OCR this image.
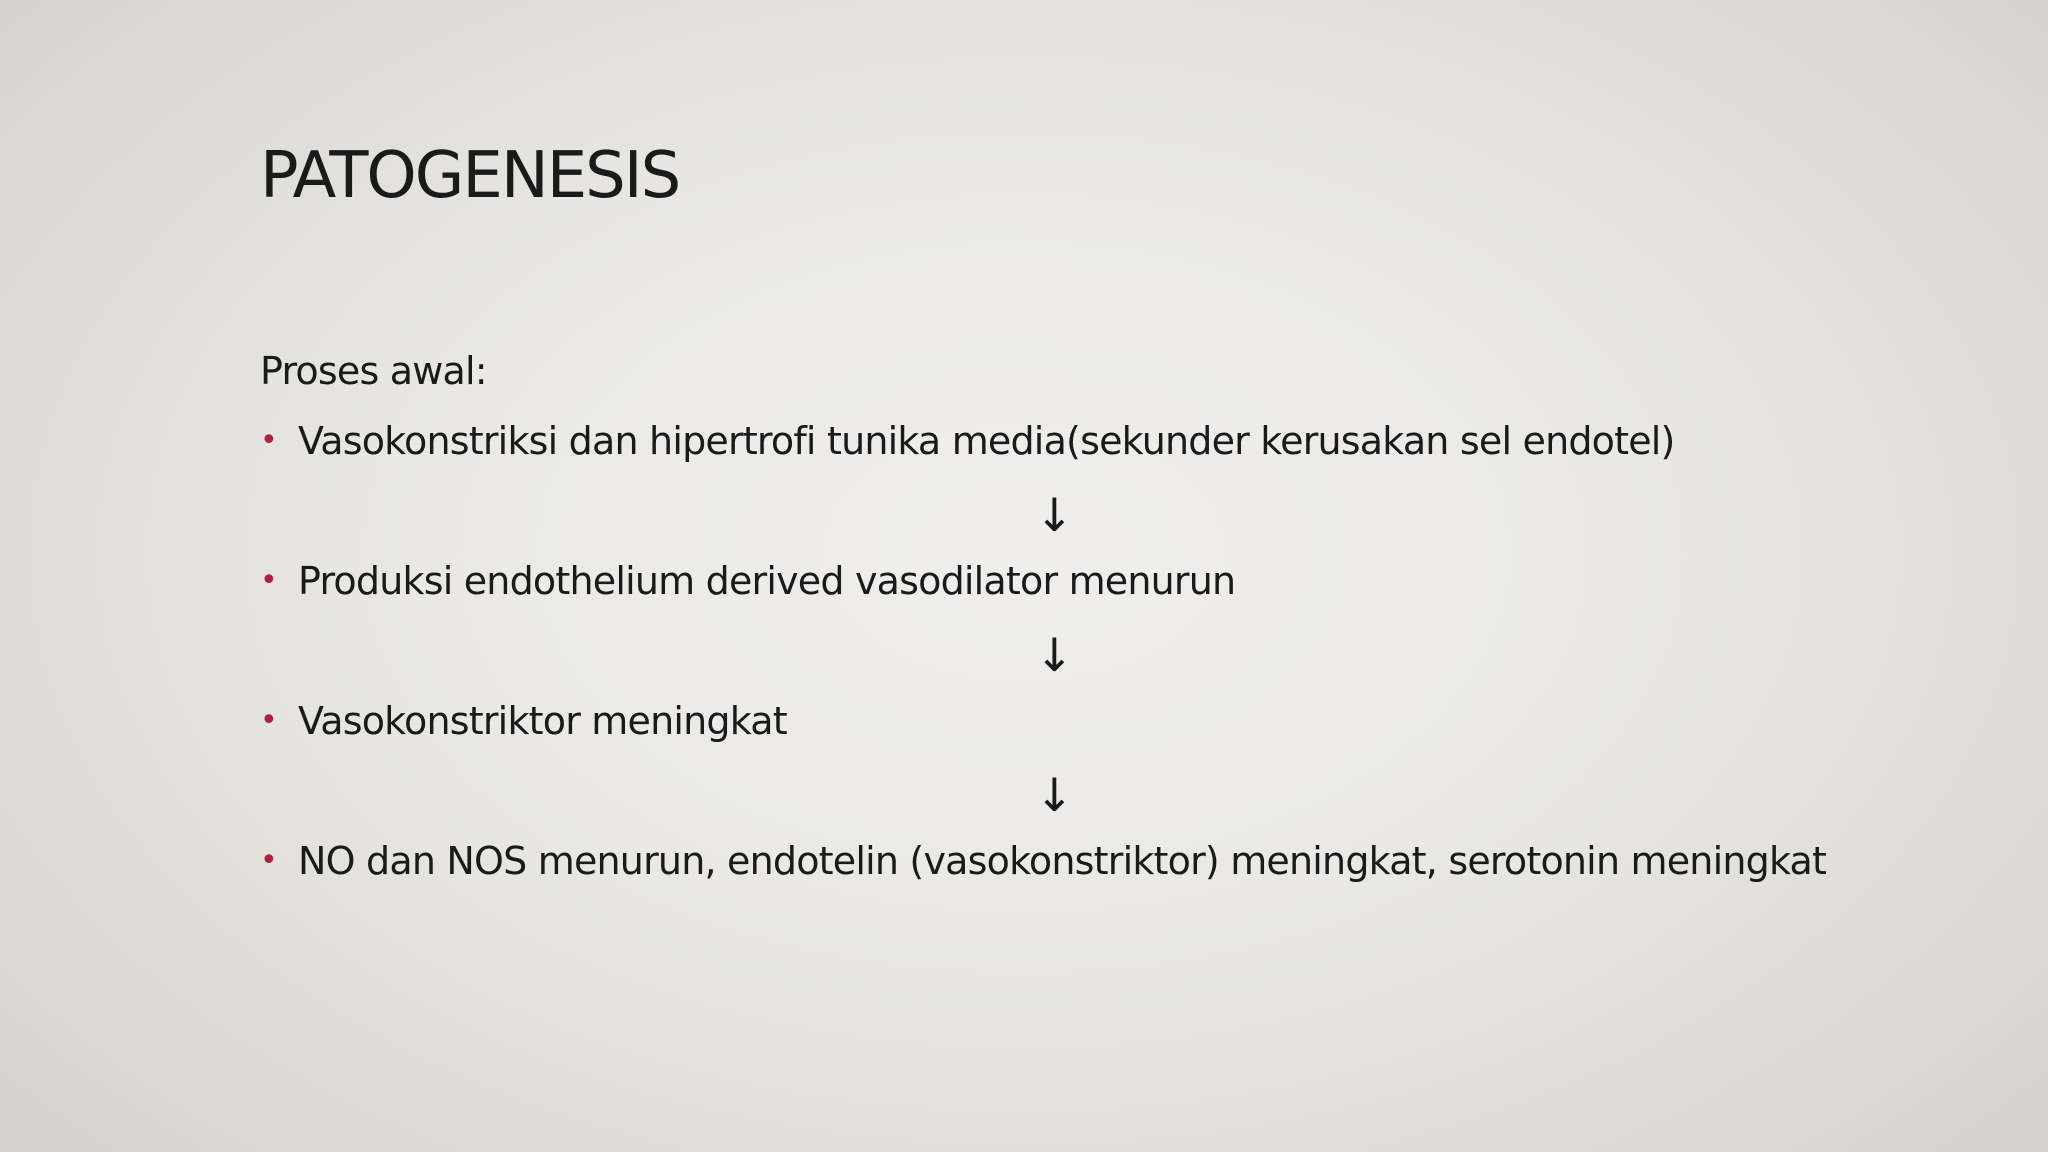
PATOGENESIS
Proses awal:
• Vasokonstriksi dan hipertrofi tunika media(sekunder kerusakan sel endotel)
↓
• Produksi endothelium derived vasodilator menurun
↓
• Vasokonstriktor meningkat
↓
• NO dan NOS menurun, endotelin (vasokonstriktor) meningkat, serotonin meningkat
